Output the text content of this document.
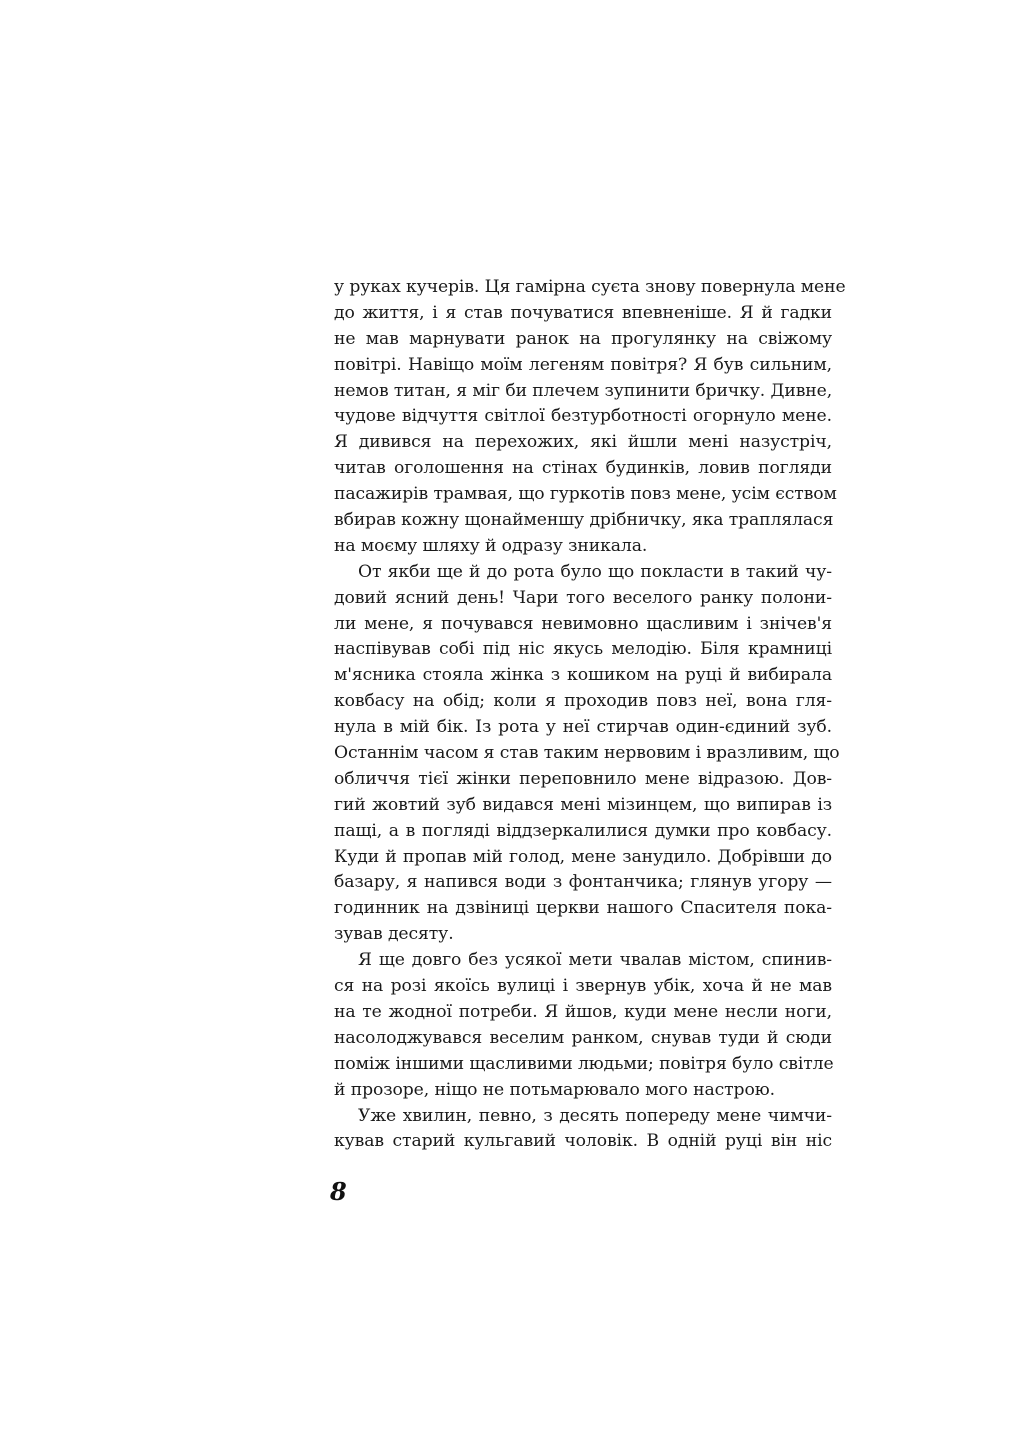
у руках кучерів. Ця гамірна суєта знову повернула мене
до життя, і я став почуватися впевненіше. Я й гадки
не мав марнувати ранок на прогулянку на свіжому
повітрі. Навіщо моїм легеням повітря? Я був сильним,
немов титан, я міг би плечем зупинити бричку. Дивне,
чудове відчуття світлої безтурботності огорнуло мене.
Я дивився на перехожих, які йшли мені назустріч,
читав оголошення на стінах будинків, ловив погляди
пасажирів трамвая, що гуркотів повз мене, усім єством
вбирав кожну щонайменшу дрібничку, яка траплялася
на моєму шляху й одразу зникала.
От якби ще й до рота було що покласти в такий чу-
довий ясний день! Чари того веселого ранку полони-
ли мене, я почувався невимовно щасливим і знічев'я
наспівував собі під ніс якусь мелодію. Біля крамниці
м'ясника стояла жінка з кошиком на руці й вибирала
ковбасу на обід; коли я проходив повз неї, вона гля-
нула в мій бік. Із рота у неї стирчав один-єдиний зуб.
Останнім часом я став таким нервовим і вразливим, що
обличчя тієї жінки переповнило мене відразою. Дов-
гий жовтий зуб видався мені мізинцем, що випирав із
пащі, а в погляді віддзеркалилися думки про ковбасу.
Куди й пропав мій голод, мене занудило. Добрівши до
базару, я напився води з фонтанчика; глянув угору —
годинник на дзвіниці церкви нашого Спасителя пока-
зував десяту.
Я ще довго без усякої мети чвалав містом, спинив-
ся на розі якоїсь вулиці і звернув убік, хоча й не мав
на те жодної потреби. Я йшов, куди мене несли ноги,
насолоджувався веселим ранком, снував туди й сюди
поміж іншими щасливими людьми; повітря було світле
й прозоре, ніщо не потьмарювало мого настрою.
Уже хвилин, певно, з десять попереду мене чимчи-
кував старий кульгавий чоловік. В одній руці він ніс
8
